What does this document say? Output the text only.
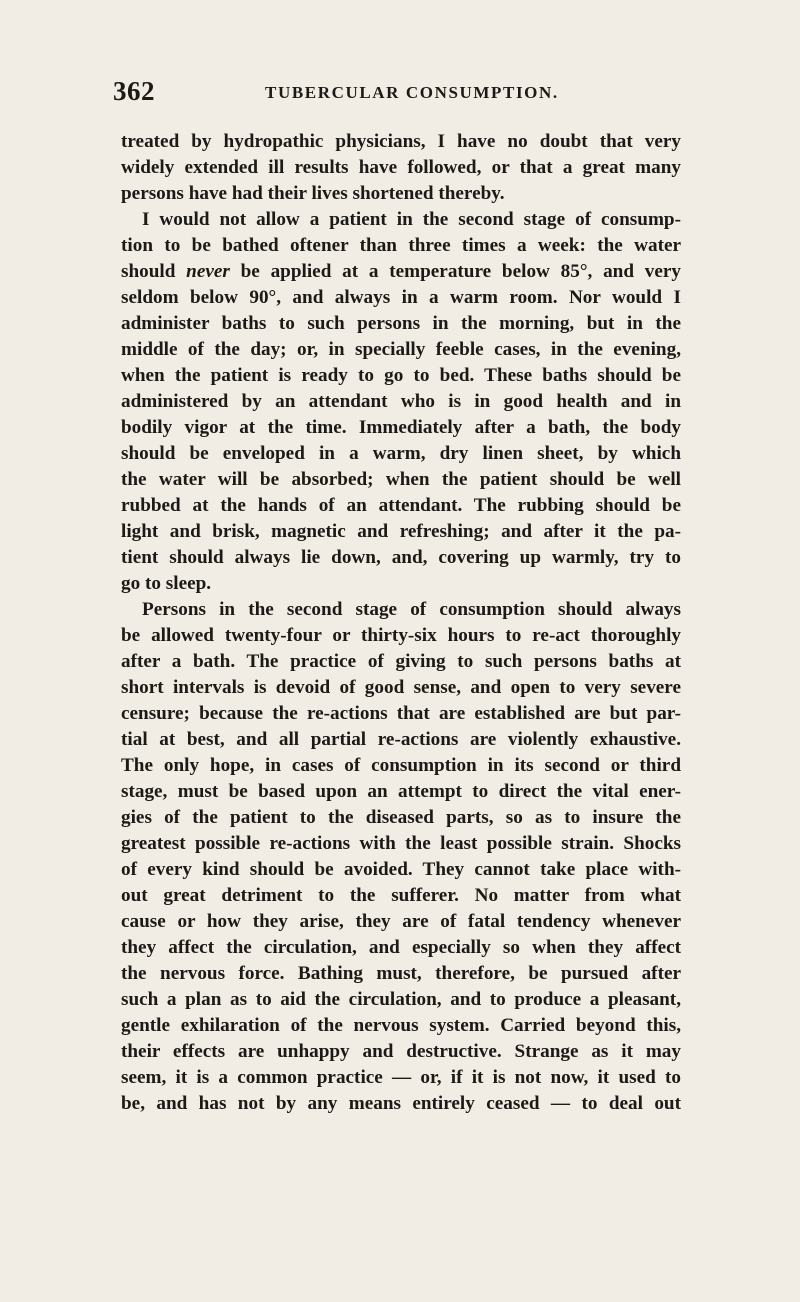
362	TUBERCULAR CONSUMPTION.
treated by hydropathic physicians, I have no doubt that very
widely extended ill results have followed, or that a great many
persons have had their lives shortened thereby.
I would not allow a patient in the second stage of consump-
tion to be bathed oftener than three times a week: the water
should never be applied at a temperature below 85°, and very
seldom below 90°, and always in a warm room. Nor would I
administer baths to such persons in the morning, but in the
middle of the day; or, in specially feeble cases, in the evening,
when the patient is ready to go to bed. These baths should be
administered by an attendant who is in good health and in
bodily vigor at the time. Immediately after a bath, the body
should be enveloped in a warm, dry linen sheet, by which
the water will be absorbed; when the patient should be well
rubbed at the hands of an attendant. The rubbing should be
light and brisk, magnetic and refreshing; and after it the pa-
tient should always lie down, and, covering up warmly, try to
go to sleep.
Persons in the second stage of consumption should always
be allowed twenty-four or thirty-six hours to re-act thoroughly
after a bath. The practice of giving to such persons baths at
short intervals is devoid of good sense, and open to very severe
censure; because the re-actions that are established are but par-
tial at best, and all partial re-actions are violently exhaustive.
The only hope, in cases of consumption in its second or third
stage, must be based upon an attempt to direct the vital ener-
gies of the patient to the diseased parts, so as to insure the
greatest possible re-actions with the least possible strain. Shocks
of every kind should be avoided. They cannot take place with-
out great detriment to the sufferer. No matter from what
cause or how they arise, they are of fatal tendency whenever
they affect the circulation, and especially so when they affect
the nervous force. Bathing must, therefore, be pursued after
such a plan as to aid the circulation, and to produce a pleasant,
gentle exhilaration of the nervous system. Carried beyond this,
their effects are unhappy and destructive. Strange as it may
seem, it is a common practice — or, if it is not now, it used to
be, and has not by any means entirely ceased — to deal out
